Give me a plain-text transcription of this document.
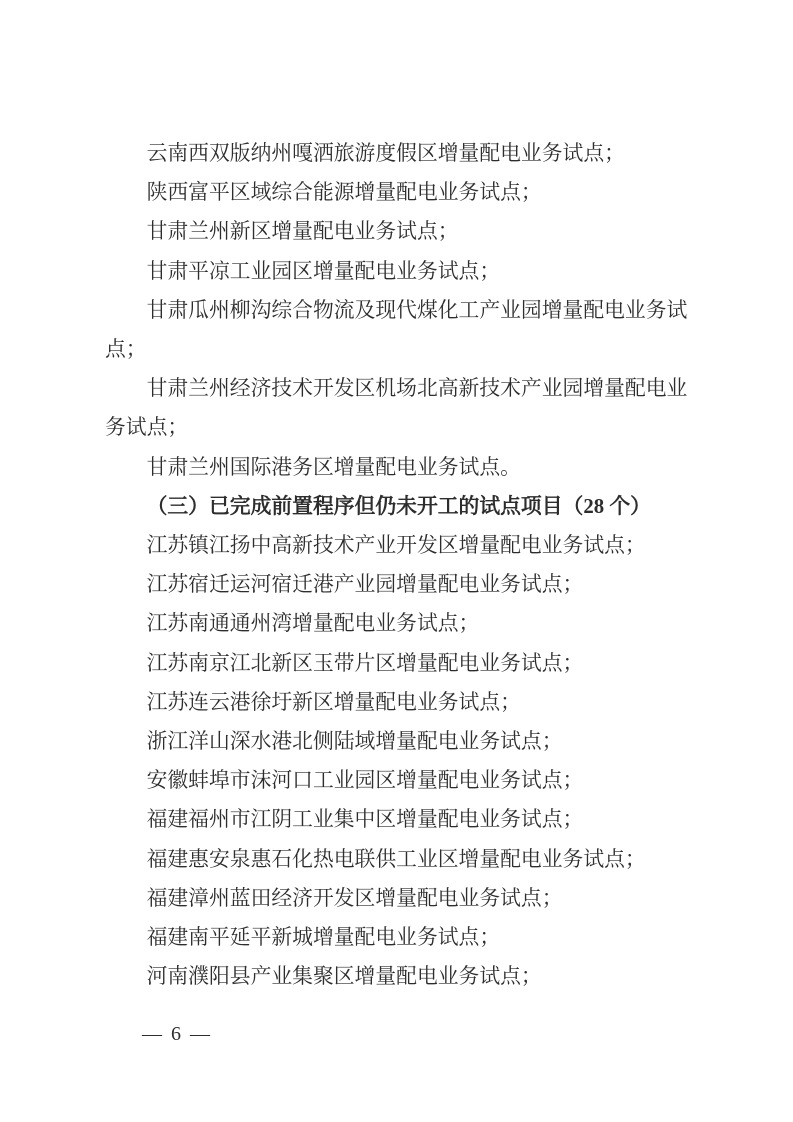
云南西双版纳州嘎洒旅游度假区增量配电业务试点；

陕西富平区域综合能源增量配电业务试点；

甘肃兰州新区增量配电业务试点；

甘肃平凉工业园区增量配电业务试点；

甘肃瓜州柳沟综合物流及现代煤化工产业园增量配电业务试点；

甘肃兰州经济技术开发区机场北高新技术产业园增量配电业务试点；

甘肃兰州国际港务区增量配电业务试点。

（三）已完成前置程序但仍未开工的试点项目（28 个）

江苏镇江扬中高新技术产业开发区增量配电业务试点；

江苏宿迁运河宿迁港产业园增量配电业务试点；

江苏南通通州湾增量配电业务试点；

江苏南京江北新区玉带片区增量配电业务试点；

江苏连云港徐圩新区增量配电业务试点；

浙江洋山深水港北侧陆域增量配电业务试点；

安徽蚌埠市沫河口工业园区增量配电业务试点；

福建福州市江阴工业集中区增量配电业务试点；

福建惠安泉惠石化热电联供工业区增量配电业务试点；

福建漳州蓝田经济开发区增量配电业务试点；

福建南平延平新城增量配电业务试点；

河南濮阳县产业集聚区增量配电业务试点；

— 6 —
